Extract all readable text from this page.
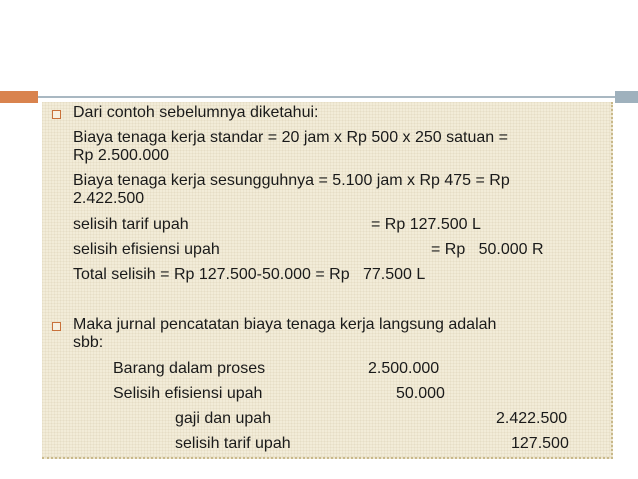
Dari contoh sebelumnya diketahui:
Biaya tenaga kerja standar = 20 jam x Rp 500 x 250 satuan =
Rp 2.500.000
Biaya tenaga kerja sesungguhnya = 5.100 jam x Rp 475 = Rp
2.422.500
selisih tarif upah	= Rp 127.500 L
selisih efisiensi upah	= Rp   50.000 R
Total selisih = Rp 127.500-50.000 = Rp   77.500 L
Maka jurnal pencatatan biaya tenaga kerja langsung adalah
sbb:
Barang dalam proses	2.500.000
Selisih efisiensi upah	50.000
gaji dan upah	2.422.500
selisih tarif upah	127.500
